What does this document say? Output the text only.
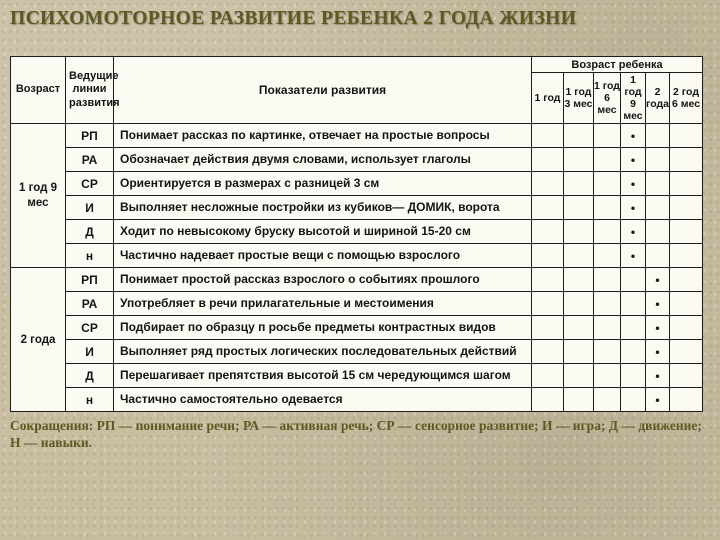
ПСИХОМОТОРНОЕ РАЗВИТИЕ РЕБЕНКА 2 ГОДА ЖИЗНИ
Возраст	Ведущие линии развития	Показатели развития	Возраст ребенка					
			1 год	1 год 3 мес	1 год 6 мес	1 год 9 мес	2 года	2 год 6 мес
1 год 9 мес	РП	Понимает рассказ по картинке, отвечает на простые вопросы				•		
	РА	Обозначает действия двумя словами, использует глаголы				•		
	СР	Ориентируется в размерах с разницей 3 см				•		
	И	Выполняет несложные постройки из кубиков— ДОМИК, ворота				•		
	Д	Ходит по невысокому бруску высотой и шириной 15-20 см				•		
	н	Частично надевает простые вещи с помощью взрослого				•		
2 года	РП	Понимает простой рассказ взрослого о событиях прошлого					•	
	РА	Употребляет в речи прилагательные и местоимения					•	
	СР	Подбирает по образцу п росьбе предметы контрастных видов					•	
	И	Выполняет ряд простых логических последовательных действий					•	
	Д	Перешагивает препятствия высотой 15 см чередующимся шагом					•	
	н	Частично самостоятельно одевается					•	

Сокращения: РП — понимание речи; РА — активная речь; СР — сенсорное развитие; И — игра; Д — движение; Н — навыки.
